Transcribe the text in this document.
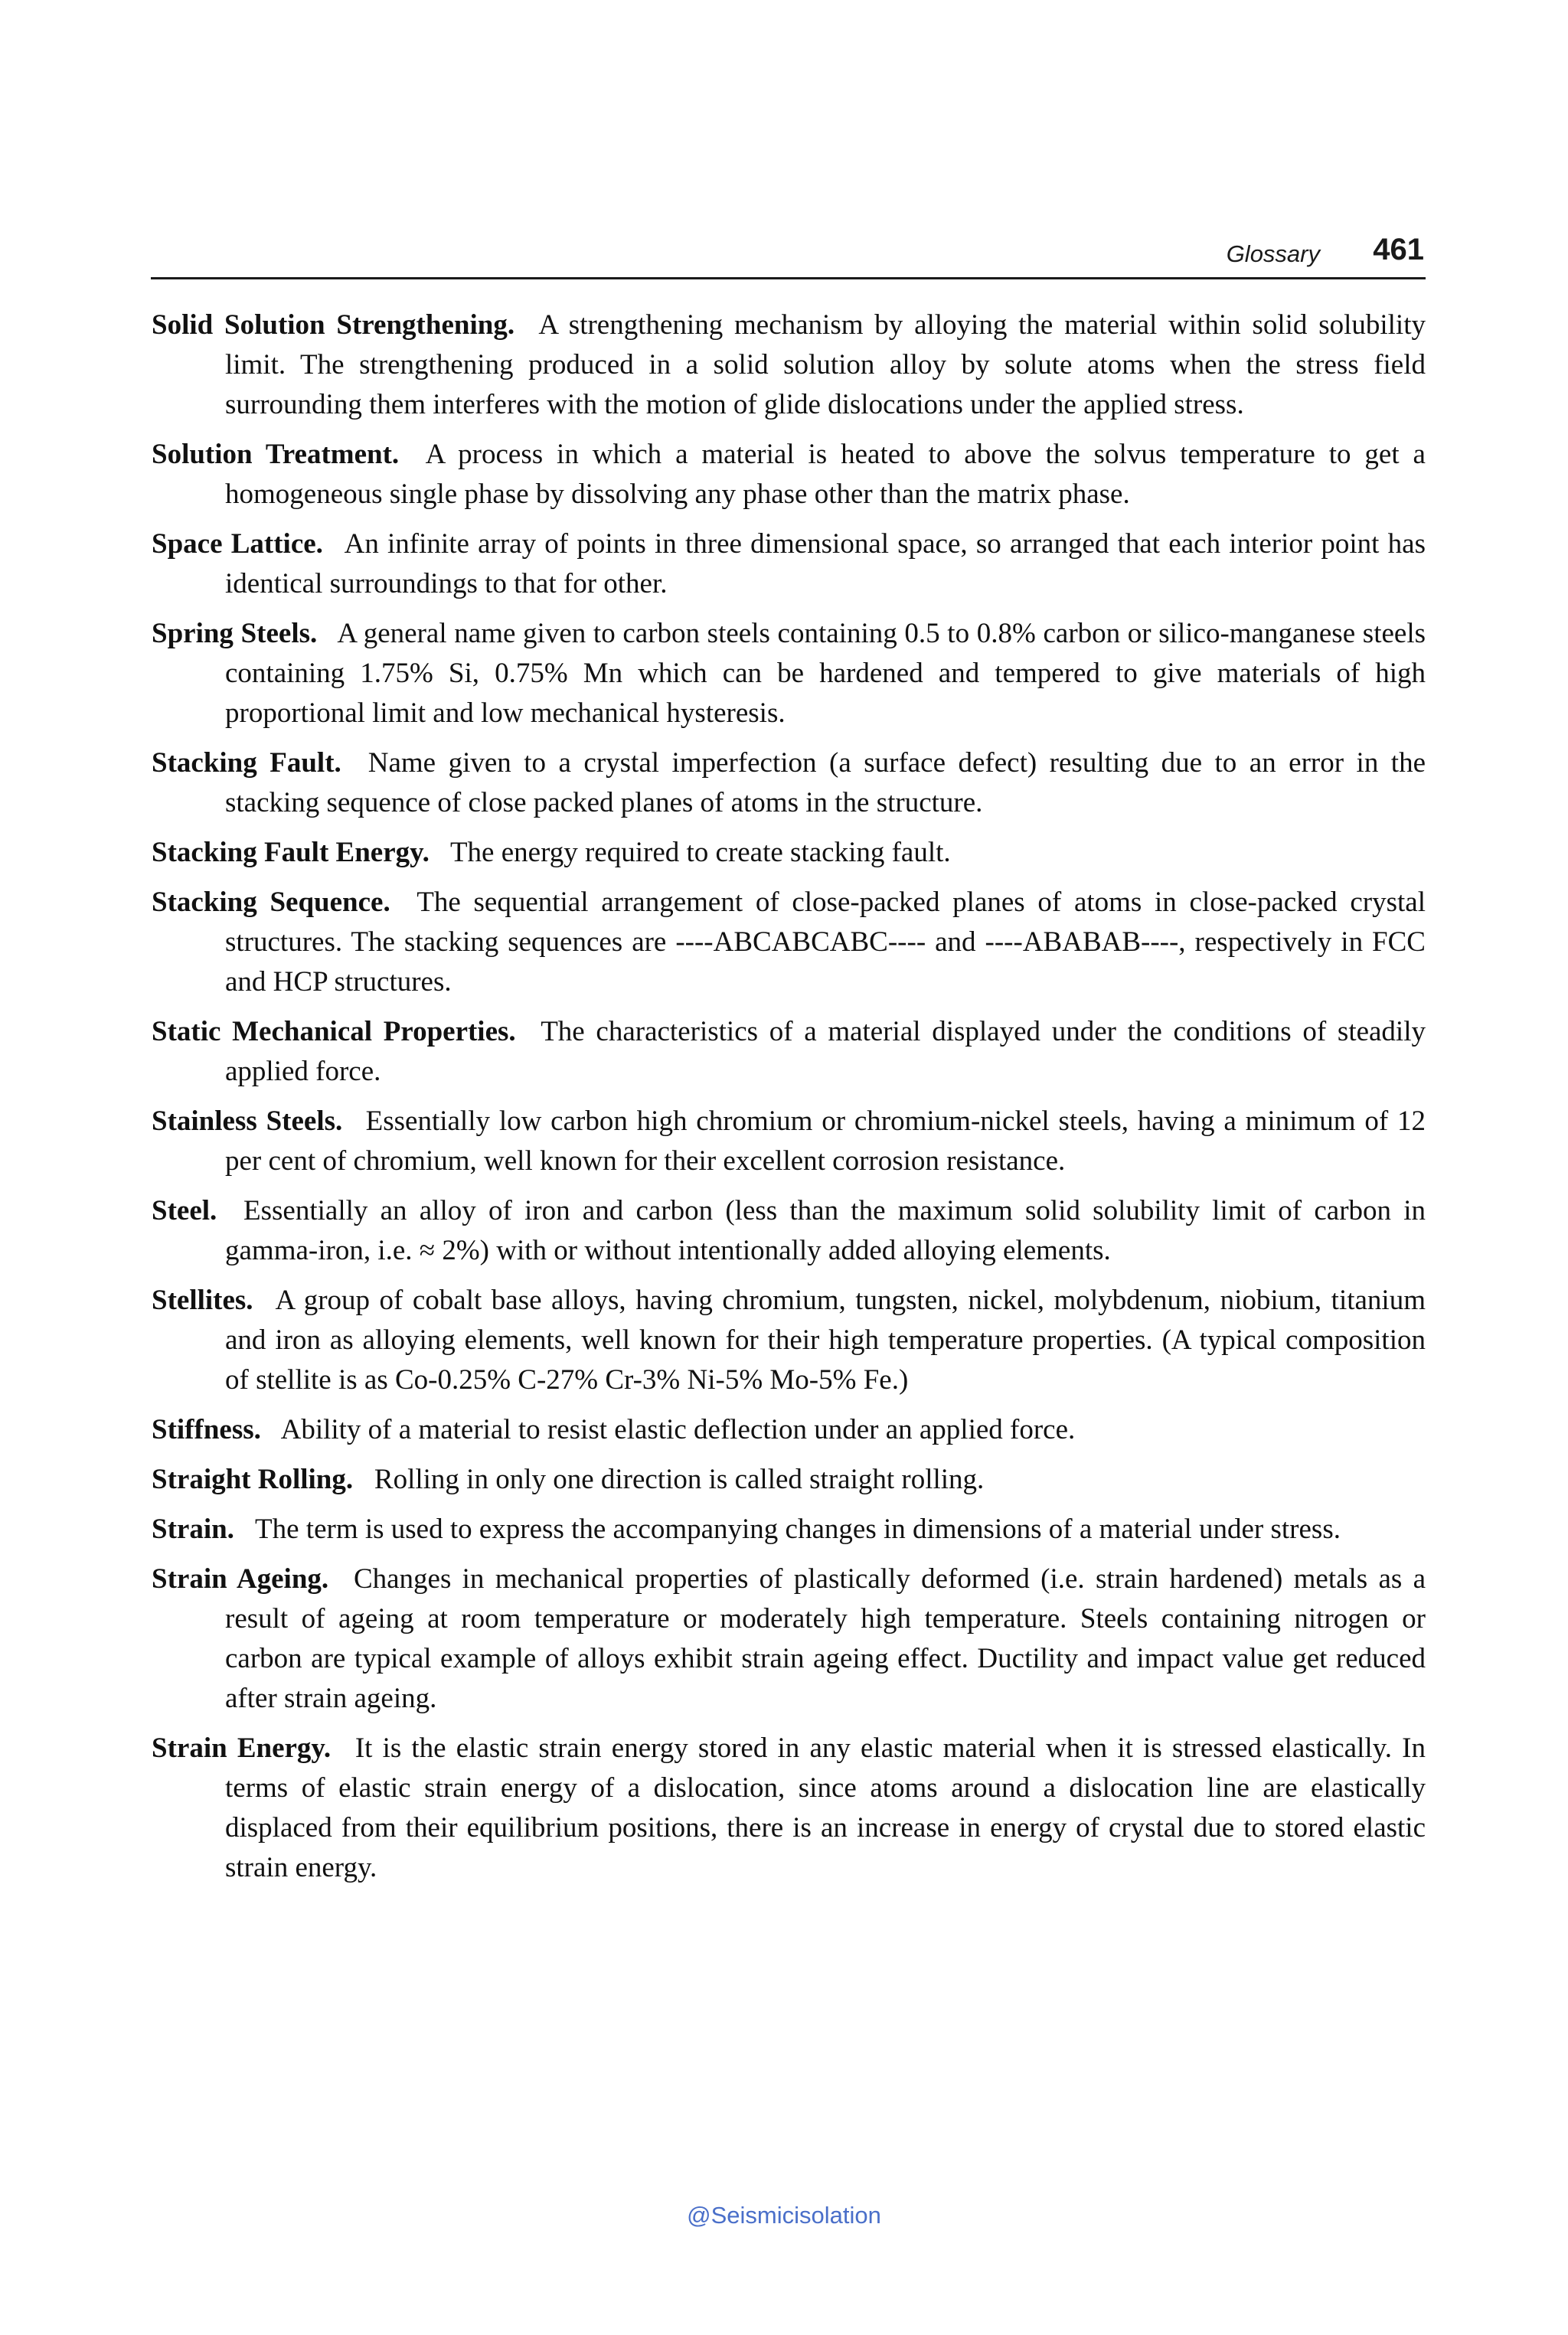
Glossary 461

Solid Solution Strengthening.  A strengthening mechanism by alloying the material within solid solubility limit. The strengthening produced in a solid solution alloy by solute atoms when the stress field surrounding them interferes with the motion of glide dislocations under the applied stress.

Solution Treatment.  A process in which a material is heated to above the solvus temperature to get a homogeneous single phase by dissolving any phase other than the matrix phase.

Space Lattice.  An infinite array of points in three dimensional space, so arranged that each interior point has identical surroundings to that for other.

Spring Steels.  A general name given to carbon steels containing 0.5 to 0.8% carbon or silico-manganese steels containing 1.75% Si, 0.75% Mn which can be hardened and tempered to give materials of high proportional limit and low mechanical hysteresis.

Stacking Fault.  Name given to a crystal imperfection (a surface defect) resulting due to an error in the stacking sequence of close packed planes of atoms in the structure.

Stacking Fault Energy.  The energy required to create stacking fault.

Stacking Sequence.  The sequential arrangement of close-packed planes of atoms in close-packed crystal structures. The stacking sequences are ----ABCABCABC---- and ----ABABAB----, respectively in FCC and HCP structures.

Static Mechanical Properties.  The characteristics of a material displayed under the conditions of steadily applied force.

Stainless Steels.  Essentially low carbon high chromium or chromium-nickel steels, having a minimum of 12 per cent of chromium, well known for their excellent corrosion resistance.

Steel.  Essentially an alloy of iron and carbon (less than the maximum solid solubility limit of carbon in gamma-iron, i.e. ≈ 2%) with or without intentionally added alloying elements.

Stellites.  A group of cobalt base alloys, having chromium, tungsten, nickel, molybdenum, niobium, titanium and iron as alloying elements, well known for their high temperature properties. (A typical composition of stellite is as Co-0.25% C-27% Cr-3% Ni-5% Mo-5% Fe.)

Stiffness.  Ability of a material to resist elastic deflection under an applied force.

Straight Rolling.  Rolling in only one direction is called straight rolling.

Strain.  The term is used to express the accompanying changes in dimensions of a material under stress.

Strain Ageing.  Changes in mechanical properties of plastically deformed (i.e. strain hardened) metals as a result of ageing at room temperature or moderately high temperature. Steels containing nitrogen or carbon are typical example of alloys exhibit strain ageing effect. Ductility and impact value get reduced after strain ageing.

Strain Energy.  It is the elastic strain energy stored in any elastic material when it is stressed elastically. In terms of elastic strain energy of a dislocation, since atoms around a dislocation line are elastically displaced from their equilibrium positions, there is an increase in energy of crystal due to stored elastic strain energy.

@Seismicisolation
